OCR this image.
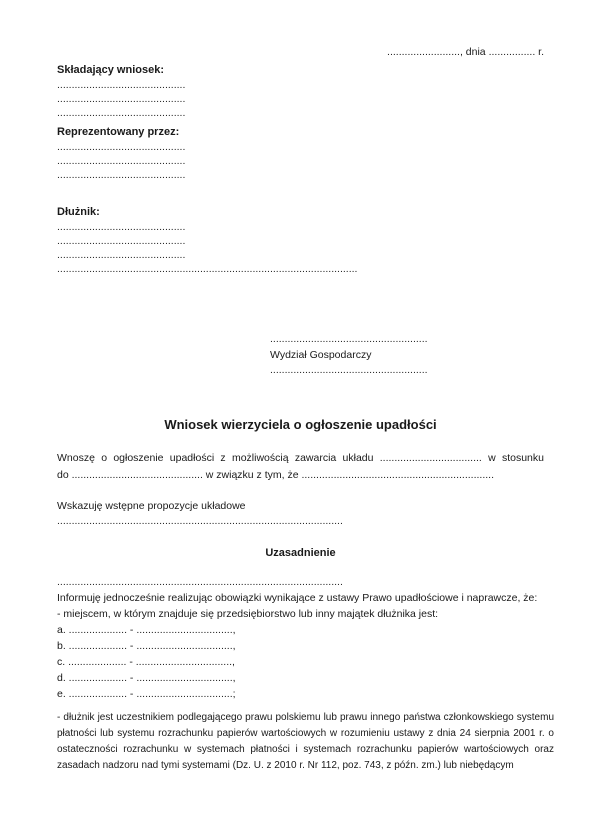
........................., dnia ................ r.
Składający wniosek:
............................................
............................................
............................................
Reprezentowany przez:
............................................
............................................
............................................
Dłużnik:
............................................
............................................
............................................
.......................................................................................................
......................................................
Wydział Gospodarczy
......................................................
Wniosek wierzyciela o ogłoszenie upadłości
Wnoszę o ogłoszenie upadłości z możliwością zawarcia układu ................................... w stosunku
do ............................................. w związku z tym, że ..................................................................
Wskazuję wstępne propozycje układowe
..................................................................................................
Uzasadnienie
..................................................................................................
Informuję jednocześnie realizując obowiązki wynikające z ustawy Prawo upadłościowe i naprawcze, że:
- miejscem, w którym znajduje się przedsiębiorstwo lub inny majątek dłużnika jest:
a. .................... - .................................,
b. .................... - .................................,
c. .................... - .................................,
d. .................... - .................................,
e. .................... - .................................;
- dłużnik jest uczestnikiem podlegającego prawu polskiemu lub prawu innego państwa członkowskiego systemu
płatności lub systemu rozrachunku papierów wartościowych w rozumieniu ustawy z dnia 24 sierpnia 2001 r. o
ostateczności rozrachunku w systemach płatności i systemach rozrachunku papierów wartościowych oraz
zasadach nadzoru nad tymi systemami (Dz. U. z 2010 r. Nr 112, poz. 743, z późn. zm.) lub niebędącym
